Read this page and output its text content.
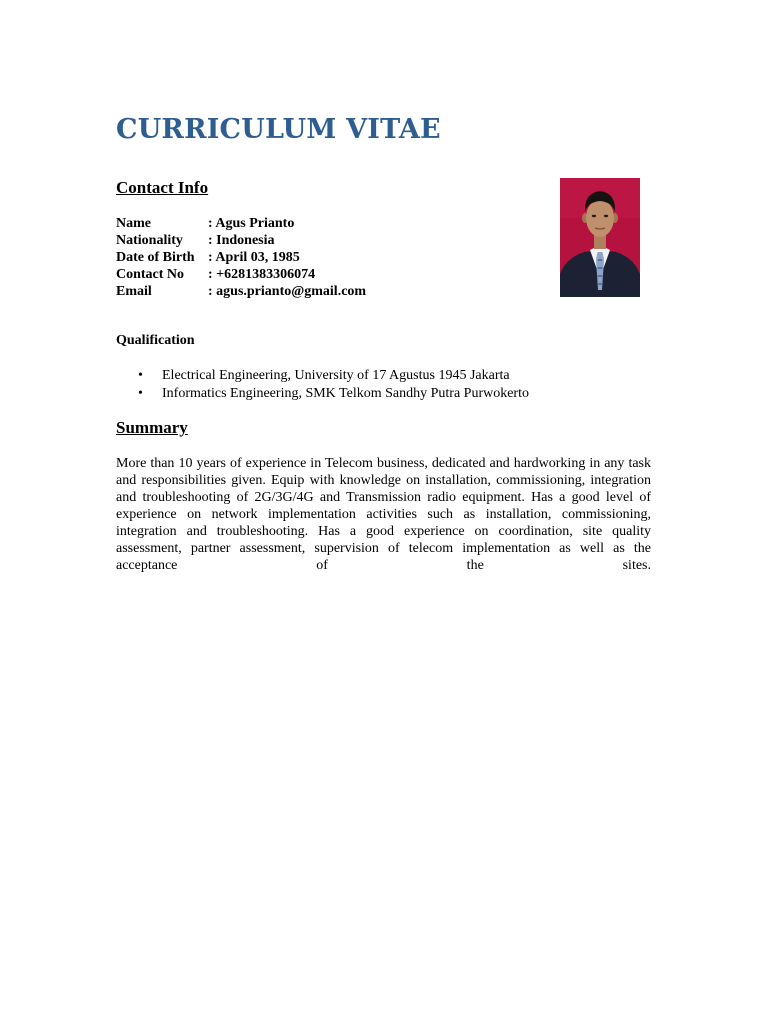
CURRICULUM VITAE
Contact Info
Name	: Agus Prianto
Nationality	: Indonesia
Date of Birth	: April 03, 1985
Contact No	: +6281383306074
Email	: agus.prianto@gmail.com
Qualification
• Electrical Engineering, University of 17 Agustus 1945 Jakarta
• Informatics Engineering, SMK Telkom Sandhy Putra Purwokerto
Summary

More than 10 years of experience in Telecom business, dedicated and hardworking in any task and responsibilities given. Equip with knowledge on installation, commissioning, integration and troubleshooting of 2G/3G/4G and Transmission radio equipment. Has a good level of experience on network implementation activities such as installation, commissioning, integration and troubleshooting. Has a good experience on coordination, site quality assessment, partner assessment, supervision of telecom implementation as well as the acceptance of the sites.
